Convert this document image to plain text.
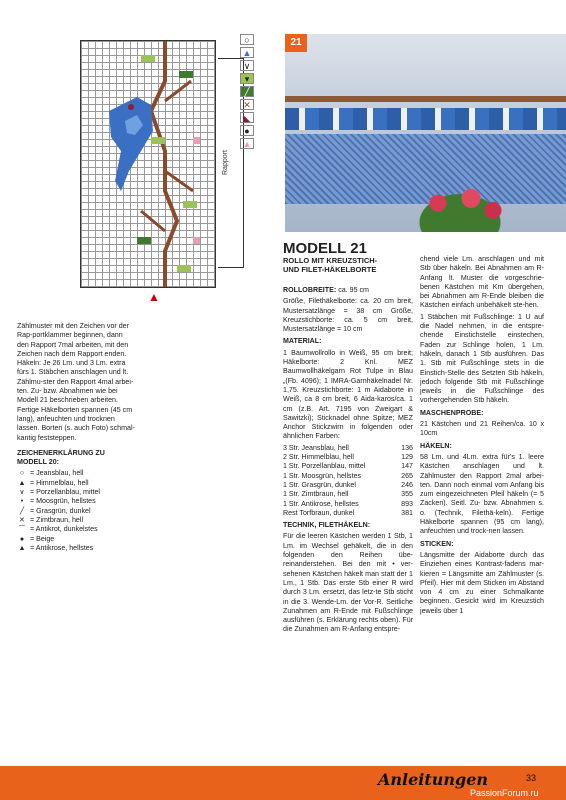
Rapport
▲
○
▲
∨
▾
╱
✕
◣
●
▲
21

Zählmuster mit den Zeichen vor der Rap-portklammer beginnen, dann den Rapport 7mal arbeiten, mit den Zeichen nach dem Rapport enden. Häkeln: Je 26 Lm. und 3 Lm. extra fürs 1. Stäbchen anschlagen und lt. Zählmu-ster den Rapport 4mal arbei-ten. Zu- bzw. Abnahmen wie bei Modell 21 beschrieben arbeiten. Fertige Häkelborten spannen (45 cm lang), anfeuchten und trocknen lassen. Borten (s. auch Foto) schmal-kantig feststeppen.

ZEICHENERKLÄRUNG ZU MODELL 20:

○ = Jeansblau, hell
▲ = Himmelblau, hell
∨ = Porzellanblau, mittel
• = Moosgrün, hellstes
╱ = Grasgrün, dunkel
✕ = Zimtbraun, hell
⌒ = Antikrot, dunkelstes
● = Beige
▲ = Antikrose, hellstes
MODELL 21
ROLLO MIT KREUZSTICH-
UND FILET-HÄKELBORTE

ROLLOBREITE: ca. 95 cm

Größe, Filethäkelborte: ca. 20 cm breit, Mustersatzlänge = 38 cm Größe, Kreuzstichborte: ca. 5 cm breit, Mustersatzlänge = 10 cm

MATERIAL:

1 Baumwollrollo in Weiß, 95 cm breit; Häkelborte: 2 Knl. MEZ Baumwollhäkelgarn Rot Tulpe in Blau „(Fb. 4096); 1 IMRA-Garnhäkelnadel Nr. 1,75. Kreuzstichborte: 1 m Aidaborte in Weiß, ca 8 cm breit, 6 Aida-karos/ca. 1 cm (z.B. Art. 7195 von Zweigart & Sawitzki); Sticknadel ohne Spitze; MEZ Anchor Stickzwirn in folgenden oder ähnlichen Farben:

3 Str. Jeansblau, hell	136
2 Str. Himmelblau, hell	129
1 Str. Porzellanblau, mittel	147
1 Str. Moosgrün, hellstes	265
1 Str. Grasgrün, dunkel	246
1 Str. Zimtbraun, hell	355
1 Str. Antikrose, hellstes	893
Rest Torfbraun, dunkel	381

TECHNIK, FILETHÄKELN:

Für die leeren Kästchen werden 1 Stb, 1 Lm. im Wechsel gehäkelt, die in den folgenden den Reihen übe-reinanderstehen. Bei den mit • ver-sehenen Kästchen häkelt man statt der 1 Lm., 1 Stb. Das erste Stb einer R wird durch 3 Lm. ersetzt, das letz-te Stb sticht in die 3. Wende-Lm. der Vor-R. Seitliche Zunahmen am R-Ende mit Fußschlinge ausführen (s. Erklärung rechts oben). Für die Zunahmen am R-Anfang entspre-

chend viele Lm. anschlagen und mit Stb über häkeln. Bei Abnahmen am R-Anfang lt. Muster die vorgeschrie-benen Kästchen mit Km übergehen, bei Abnahmen am R-Ende bleiben die Kästchen einfach unbehäkelt ste-hen.

1 Stäbchen mit Fußschlinge: 1 U auf die Nadel nehmen, in die entspre-chende Einstichstelle einstechen, Faden zur Schlinge holen, 1 Lm. häkeln, danach 1 Stb ausführen. Das 1. Stb mit Fußschlinge stets in die Einstich-Stelle des Setzten Stb häkeln, jedoch folgende Stb mit Fußschlinge jeweils in die Fußschlinge des vorhergehenden Stb häkeln.

MASCHENPROBE:

21 Kästchen und 21 Reihen/ca. 10 x 10cm

HÄKELN:

58 Lm. und 4Lm. extra für's 1. leere Kästchen anschlagen und lt. Zählmuster den Rapport 2mal arbei-ten. Dann noch einmal vom Anfang bis zum eingezeichneten Pfeil häkeln (= 5 Zacken). Seitl. Zu- bzw. Abnahmen s. o. (Technik, Filethä-keln). Fertige Häkelborte spannen (95 cm lang), anfeuchten und trock-nen lassen.

STICKEN:

Längsmitte der Aidaborte durch das Einziehen eines Kontrast-fadens mar-kieren = Längsmitte am Zählmuster (s. Pfeil). Hier mit dem Sticken im Abstand von 4 cm zu einer Schmalkante beginnen. Gesickt wird im Kreuzstich jeweils über 1

Anleitungen	33
PassionForum.ru
